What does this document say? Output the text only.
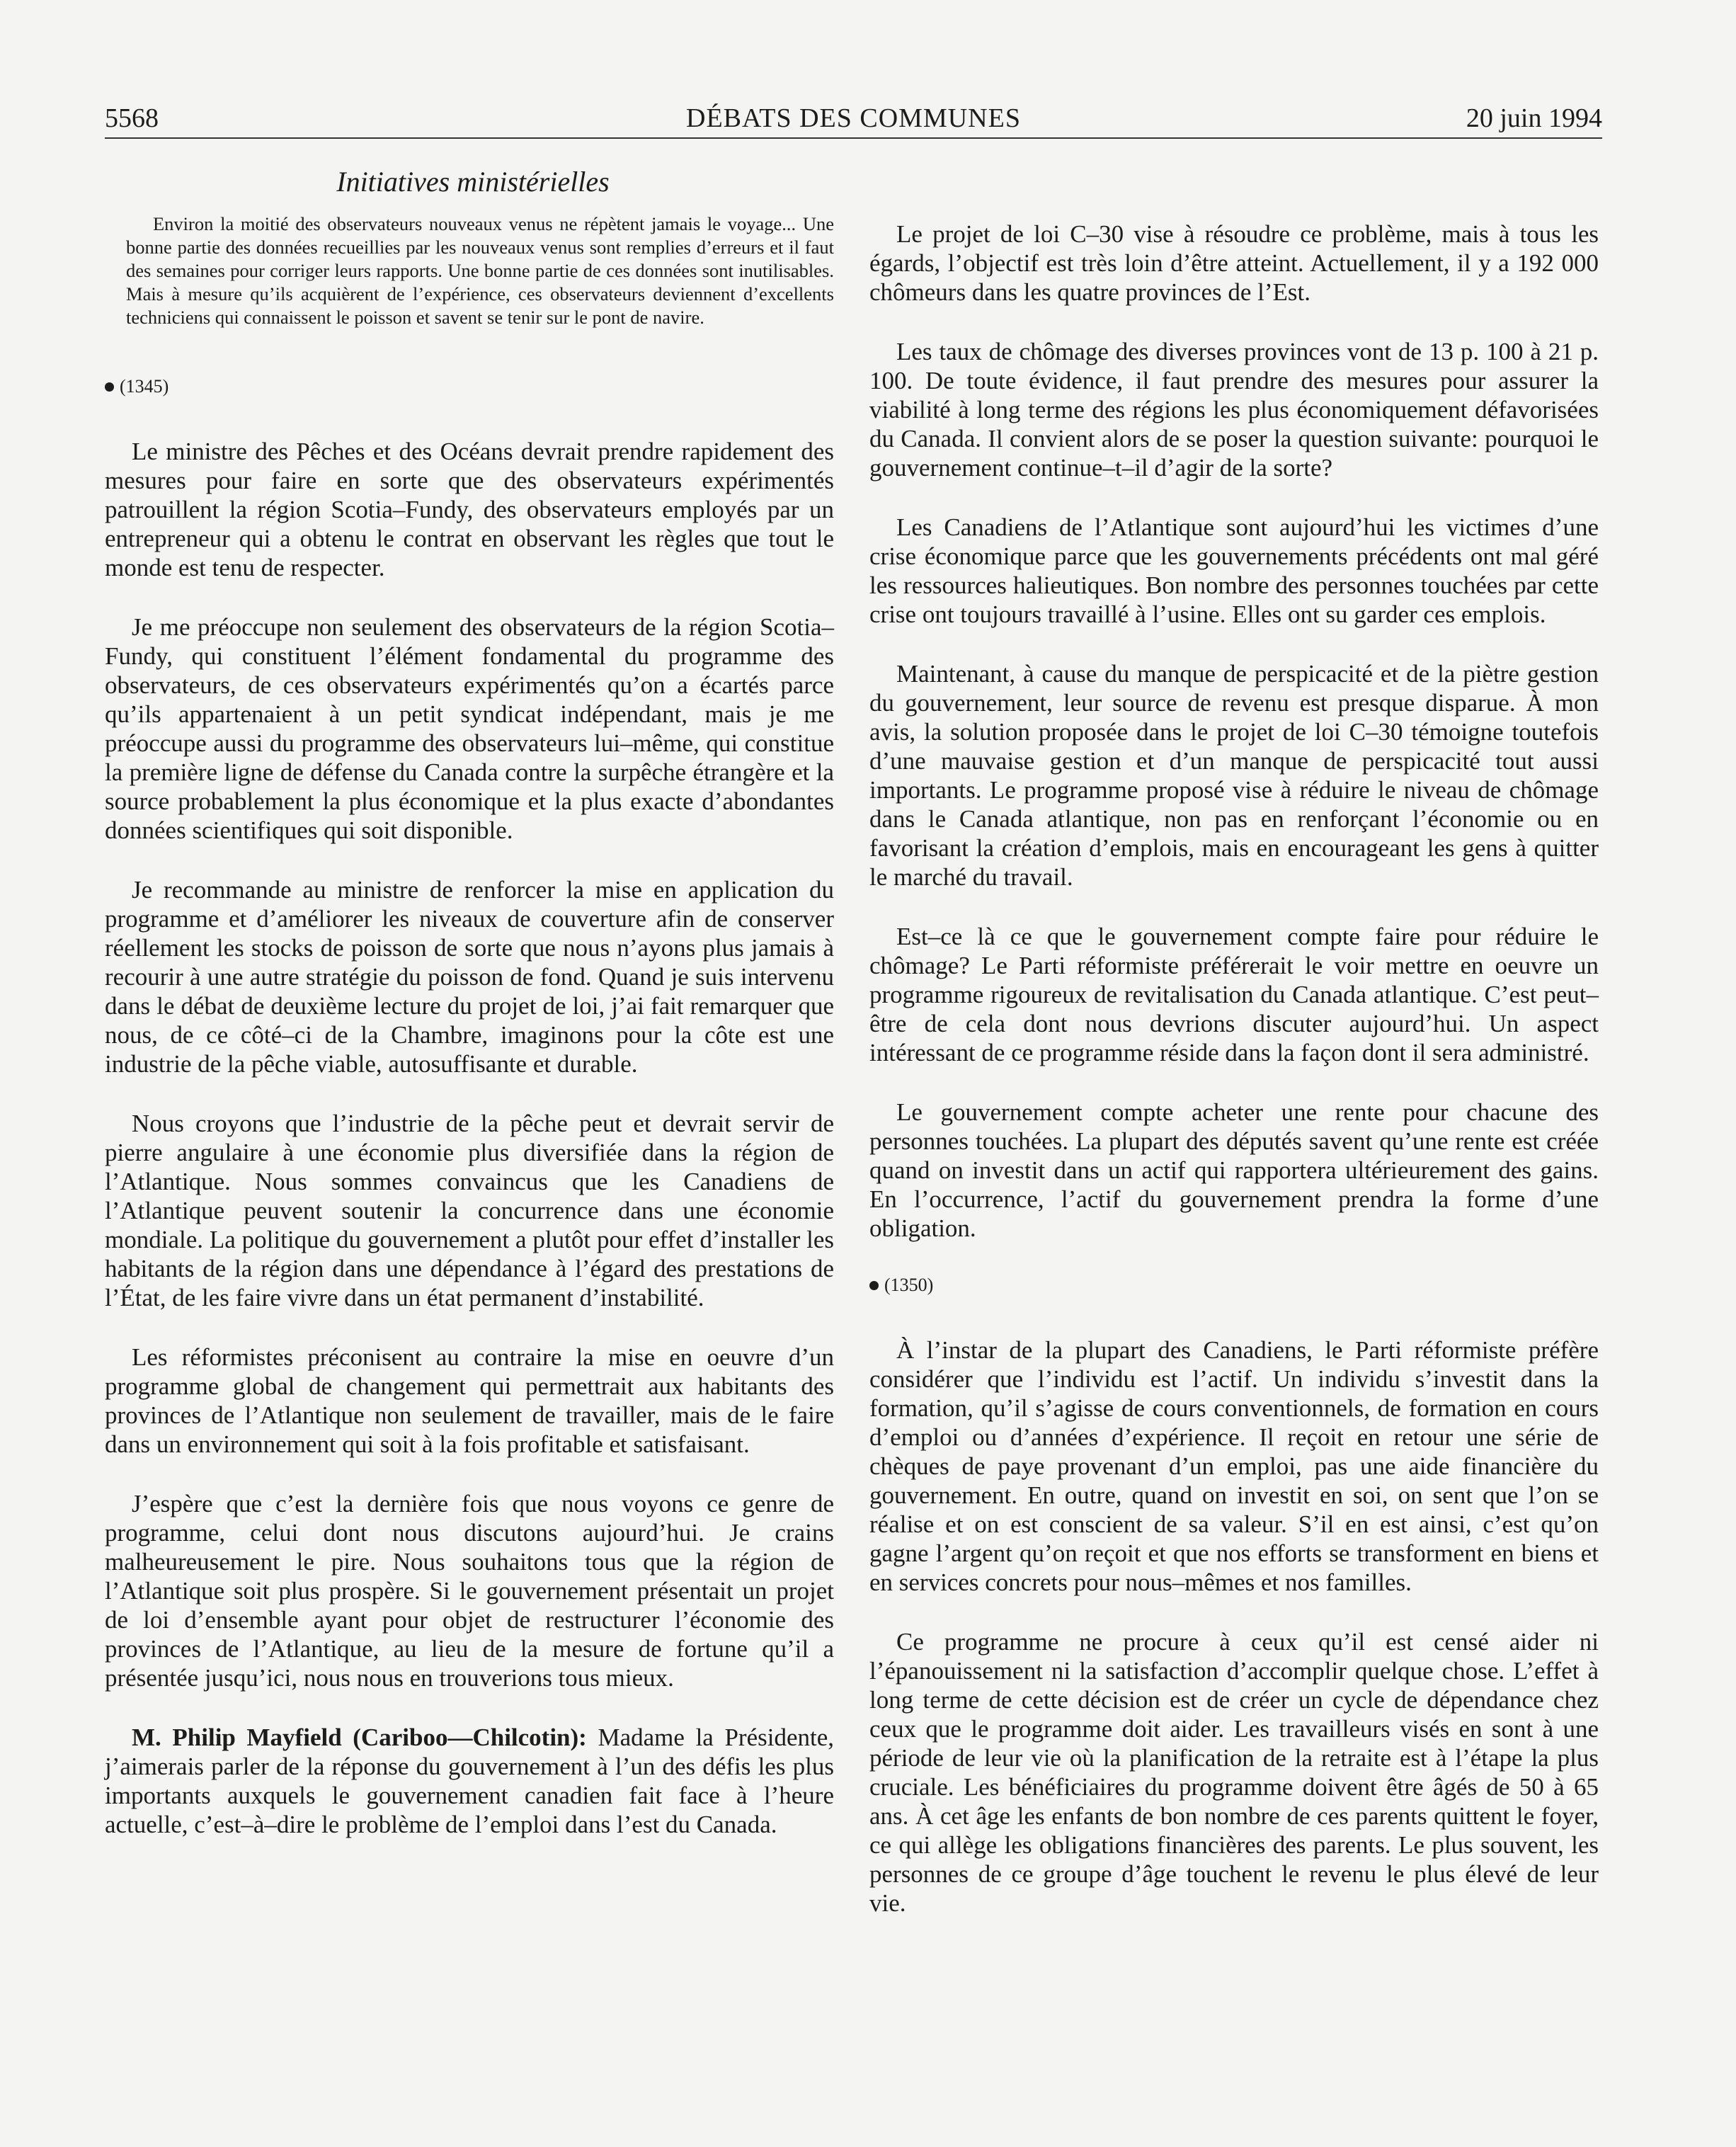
5568	DÉBATS DES COMMUNES	20 juin 1994
Initiatives ministérielles
Environ la moitié des observateurs nouveaux venus ne répètent jamais le voyage... Une bonne partie des données recueillies par les nouveaux venus sont remplies d’erreurs et il faut des semaines pour corriger leurs rapports. Une bonne partie de ces données sont inutilisables. Mais à mesure qu’ils acquièrent de l’expérience, ces observateurs deviennent d’excellents techniciens qui connaissent le poisson et savent se tenir sur le pont de navire.
(1345)

Le ministre des Pêches et des Océans devrait prendre rapidement des mesures pour faire en sorte que des observateurs expérimentés patrouillent la région Scotia–Fundy, des observateurs employés par un entrepreneur qui a obtenu le contrat en observant les règles que tout le monde est tenu de respecter.

Je me préoccupe non seulement des observateurs de la région Scotia–Fundy, qui constituent l’élément fondamental du programme des observateurs, de ces observateurs expérimentés qu’on a écartés parce qu’ils appartenaient à un petit syndicat indépendant, mais je me préoccupe aussi du programme des observateurs lui–même, qui constitue la première ligne de défense du Canada contre la surpêche étrangère et la source probablement la plus économique et la plus exacte d’abondantes données scientifiques qui soit disponible.

Je recommande au ministre de renforcer la mise en application du programme et d’améliorer les niveaux de couverture afin de conserver réellement les stocks de poisson de sorte que nous n’ayons plus jamais à recourir à une autre stratégie du poisson de fond. Quand je suis intervenu dans le débat de deuxième lecture du projet de loi, j’ai fait remarquer que nous, de ce côté–ci de la Chambre, imaginons pour la côte est une industrie de la pêche viable, autosuffisante et durable.

Nous croyons que l’industrie de la pêche peut et devrait servir de pierre angulaire à une économie plus diversifiée dans la région de l’Atlantique. Nous sommes convaincus que les Canadiens de l’Atlantique peuvent soutenir la concurrence dans une économie mondiale. La politique du gouvernement a plutôt pour effet d’installer les habitants de la région dans une dépendance à l’égard des prestations de l’État, de les faire vivre dans un état permanent d’instabilité.

Les réformistes préconisent au contraire la mise en oeuvre d’un programme global de changement qui permettrait aux habitants des provinces de l’Atlantique non seulement de travailler, mais de le faire dans un environnement qui soit à la fois profitable et satisfaisant.

J’espère que c’est la dernière fois que nous voyons ce genre de programme, celui dont nous discutons aujourd’hui. Je crains malheureusement le pire. Nous souhaitons tous que la région de l’Atlantique soit plus prospère. Si le gouvernement présentait un projet de loi d’ensemble ayant pour objet de restructurer l’économie des provinces de l’Atlantique, au lieu de la mesure de fortune qu’il a présentée jusqu’ici, nous nous en trouverions tous mieux.

M. Philip Mayfield (Cariboo—Chilcotin): Madame la Présidente, j’aimerais parler de la réponse du gouvernement à l’un des défis les plus importants auxquels le gouvernement canadien fait face à l’heure actuelle, c’est–à–dire le problème de l’emploi dans l’est du Canada.

Le projet de loi C–30 vise à résoudre ce problème, mais à tous les égards, l’objectif est très loin d’être atteint. Actuellement, il y a 192 000 chômeurs dans les quatre provinces de l’Est.

Les taux de chômage des diverses provinces vont de 13 p. 100 à 21 p. 100. De toute évidence, il faut prendre des mesures pour assurer la viabilité à long terme des régions les plus économiquement défavorisées du Canada. Il convient alors de se poser la question suivante: pourquoi le gouvernement continue–t–il d’agir de la sorte?

Les Canadiens de l’Atlantique sont aujourd’hui les victimes d’une crise économique parce que les gouvernements précédents ont mal géré les ressources halieutiques. Bon nombre des personnes touchées par cette crise ont toujours travaillé à l’usine. Elles ont su garder ces emplois.

Maintenant, à cause du manque de perspicacité et de la piètre gestion du gouvernement, leur source de revenu est presque disparue. À mon avis, la solution proposée dans le projet de loi C–30 témoigne toutefois d’une mauvaise gestion et d’un manque de perspicacité tout aussi importants. Le programme proposé vise à réduire le niveau de chômage dans le Canada atlantique, non pas en renforçant l’économie ou en favorisant la création d’emplois, mais en encourageant les gens à quitter le marché du travail.

Est–ce là ce que le gouvernement compte faire pour réduire le chômage? Le Parti réformiste préférerait le voir mettre en oeuvre un programme rigoureux de revitalisation du Canada atlantique. C’est peut–être de cela dont nous devrions discuter aujourd’hui. Un aspect intéressant de ce programme réside dans la façon dont il sera administré.

Le gouvernement compte acheter une rente pour chacune des personnes touchées. La plupart des députés savent qu’une rente est créée quand on investit dans un actif qui rapportera ultérieurement des gains. En l’occurrence, l’actif du gouvernement prendra la forme d’une obligation.

(1350)

À l’instar de la plupart des Canadiens, le Parti réformiste préfère considérer que l’individu est l’actif. Un individu s’investit dans la formation, qu’il s’agisse de cours conventionnels, de formation en cours d’emploi ou d’années d’expérience. Il reçoit en retour une série de chèques de paye provenant d’un emploi, pas une aide financière du gouvernement. En outre, quand on investit en soi, on sent que l’on se réalise et on est conscient de sa valeur. S’il en est ainsi, c’est qu’on gagne l’argent qu’on reçoit et que nos efforts se transforment en biens et en services concrets pour nous–mêmes et nos familles.

Ce programme ne procure à ceux qu’il est censé aider ni l’épanouissement ni la satisfaction d’accomplir quelque chose. L’effet à long terme de cette décision est de créer un cycle de dépendance chez ceux que le programme doit aider. Les travailleurs visés en sont à une période de leur vie où la planification de la retraite est à l’étape la plus cruciale. Les bénéficiaires du programme doivent être âgés de 50 à 65 ans. À cet âge les enfants de bon nombre de ces parents quittent le foyer, ce qui allège les obligations financières des parents. Le plus souvent, les personnes de ce groupe d’âge touchent le revenu le plus élevé de leur vie.
